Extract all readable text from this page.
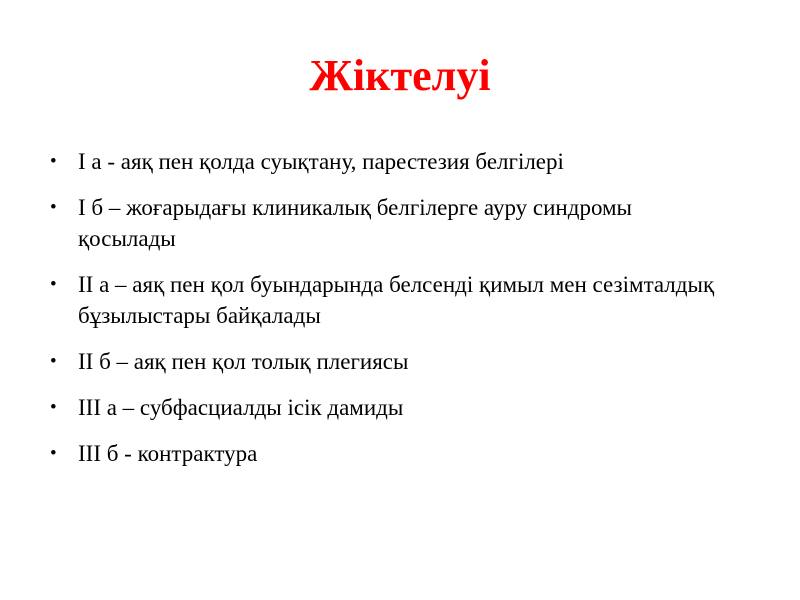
Жіктелуі
• I а - аяқ пен қолда суықтану, парестезия белгілері
• I б – жоғарыдағы клиникалық белгілерге ауру синдромы қосылады
• II а – аяқ пен қол буындарында белсенді қимыл мен сезімталдық бұзылыстары байқалады
• II б – аяқ пен қол толық плегиясы
• III а – субфасциалды ісік дамиды
• III б - контрактура
